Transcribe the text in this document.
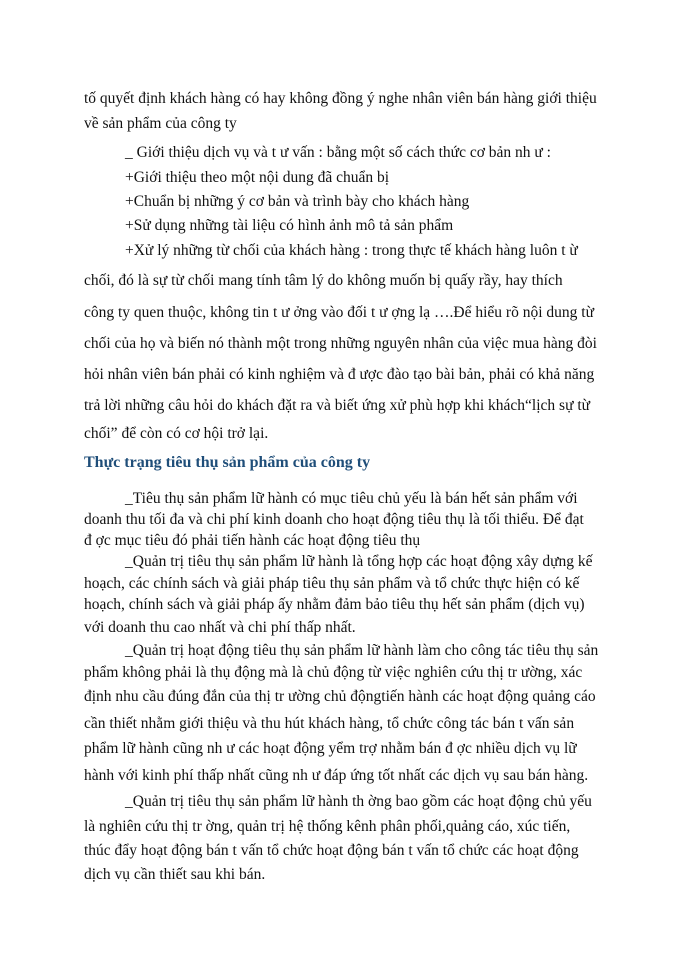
tố quyết định khách hàng có hay không đồng ý nghe nhân viên bán hàng giới thiệu
về sản phẩm của công ty
_ Giới thiệu dịch vụ và t ư vấn : bằng một số cách thức cơ bản nh ư :
+Giới thiệu theo một nội dung đã chuẩn bị
+Chuẩn bị những ý cơ bản và trình bày cho khách hàng
+Sử dụng những tài liệu có hình ảnh mô tả sản phẩm
+Xử lý những từ chối của khách hàng : trong thực tế khách hàng luôn t ừ
chối, đó là sự từ chối mang tính tâm lý do không muốn bị quấy rầy, hay thích
công ty quen thuộc, không tin t ư ởng vào đối t ư ợng lạ ….Để hiểu rõ nội dung từ
chối của họ và biến nó thành một trong những nguyên nhân của việc mua hàng đòi
hỏi nhân viên bán phải có kinh nghiệm và đ ược đào tạo bài bản, phải có khả năng
trả lời những câu hỏi do khách đặt ra và biết ứng xử phù hợp khi khách“lịch sự từ
chối” để còn có cơ hội trở lại.
Thực trạng tiêu thụ sản phẩm của công ty
_Tiêu thụ sản phẩm lữ hành có mục tiêu chủ yếu là bán hết sản phẩm với
doanh thu tối đa và chi phí kinh doanh cho hoạt động tiêu thụ là tối thiểu. Để đạt
đ ợc mục tiêu đó phải tiến hành các hoạt động tiêu thụ
_Quản trị tiêu thụ sản phẩm lữ hành là tổng hợp các hoạt động xây dựng kế
hoạch, các chính sách và giải pháp tiêu thụ sản phẩm và tổ chức thực hiện có kế
hoạch, chính sách và giải pháp ấy nhằm đảm bảo tiêu thụ hết sản phẩm (dịch vụ)
với doanh thu cao nhất và chi phí thấp nhất.
_Quản trị hoạt động tiêu thụ sản phẩm lữ hành làm cho công tác tiêu thụ sản
phẩm không phải là thụ động mà là chủ động từ việc nghiên cứu thị tr ường, xác
định nhu cầu đúng đắn của thị tr ường chủ độngtiến hành các hoạt động quảng cáo
cần thiết nhằm giới thiệu và thu hút khách hàng, tổ chức công tác bán t vấn sản
phẩm lữ hành cũng nh ư các hoạt động yểm trợ nhằm bán đ ợc nhiều dịch vụ lữ
hành với kinh phí thấp nhất cũng nh ư đáp ứng tốt nhất các dịch vụ sau bán hàng.
_Quản trị tiêu thụ sản phẩm lữ hành th ờng bao gồm các hoạt động chủ yếu
là nghiên cứu thị tr ờng, quản trị hệ thống kênh phân phối,quảng cáo, xúc tiến,
thúc đẩy hoạt động bán t vấn tổ chức hoạt động bán t vấn tổ chức các hoạt động
dịch vụ cần thiết sau khi bán.
